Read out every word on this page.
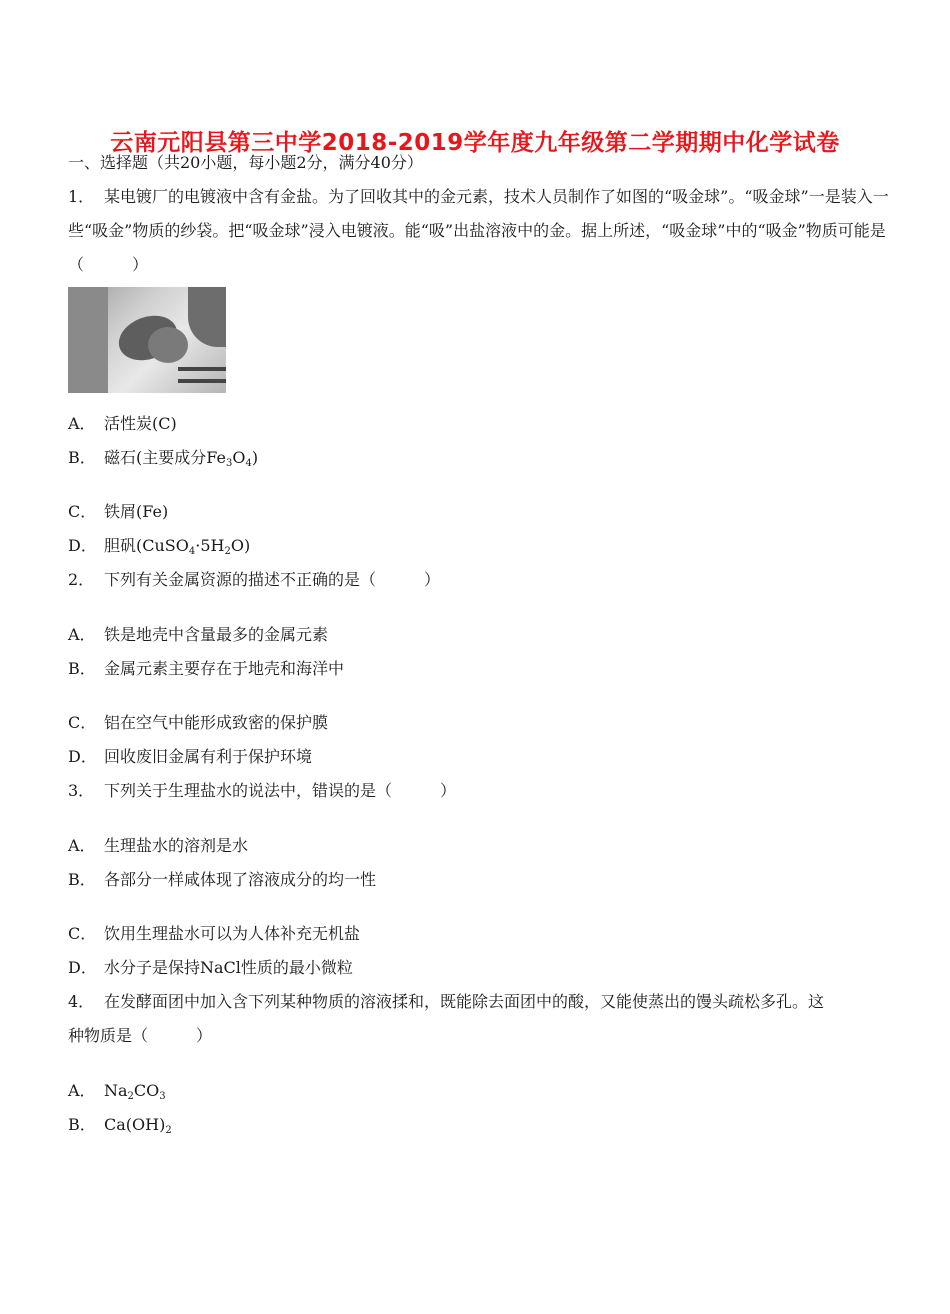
云南元阳县第三中学2018-2019学年度九年级第二学期期中化学试卷
一、选择题（共20小题，每小题2分，满分40分）
1． 某电镀厂的电镀液中含有金盐。为了回收其中的金元素，技术人员制作了如图的“吸金球”。“吸金球”一是装入一些“吸金”物质的纱袋。把“吸金球”浸入电镀液。能“吸”出盐溶液中的金。据上所述，“吸金球”中的“吸金”物质可能是（　　　）
A． 活性炭(C)
B． 磁石(主要成分$Fe_3O_4$)
C． 铁屑(Fe)
D． 胆矾$(CuSO_4\cdot 5H_2O)$
2． 下列有关金属资源的描述不正确的是（　　　）
A． 铁是地壳中含量最多的金属元素
B． 金属元素主要存在于地壳和海洋中
C． 铝在空气中能形成致密的保护膜
D． 回收废旧金属有利于保护环境
3． 下列关于生理盐水的说法中，错误的是（　　　）
A． 生理盐水的溶剂是水
B． 各部分一样咸体现了溶液成分的均一性
C． 饮用生理盐水可以为人体补充无机盐
D． 水分子是保持NaCl性质的最小微粒
4． 在发酵面团中加入含下列某种物质的溶液揉和，既能除去面团中的酸，又能使蒸出的馒头疏松多孔。这
种物质是（　　　）
A． $Na_2CO_3$
B． $Ca(OH)_2$
